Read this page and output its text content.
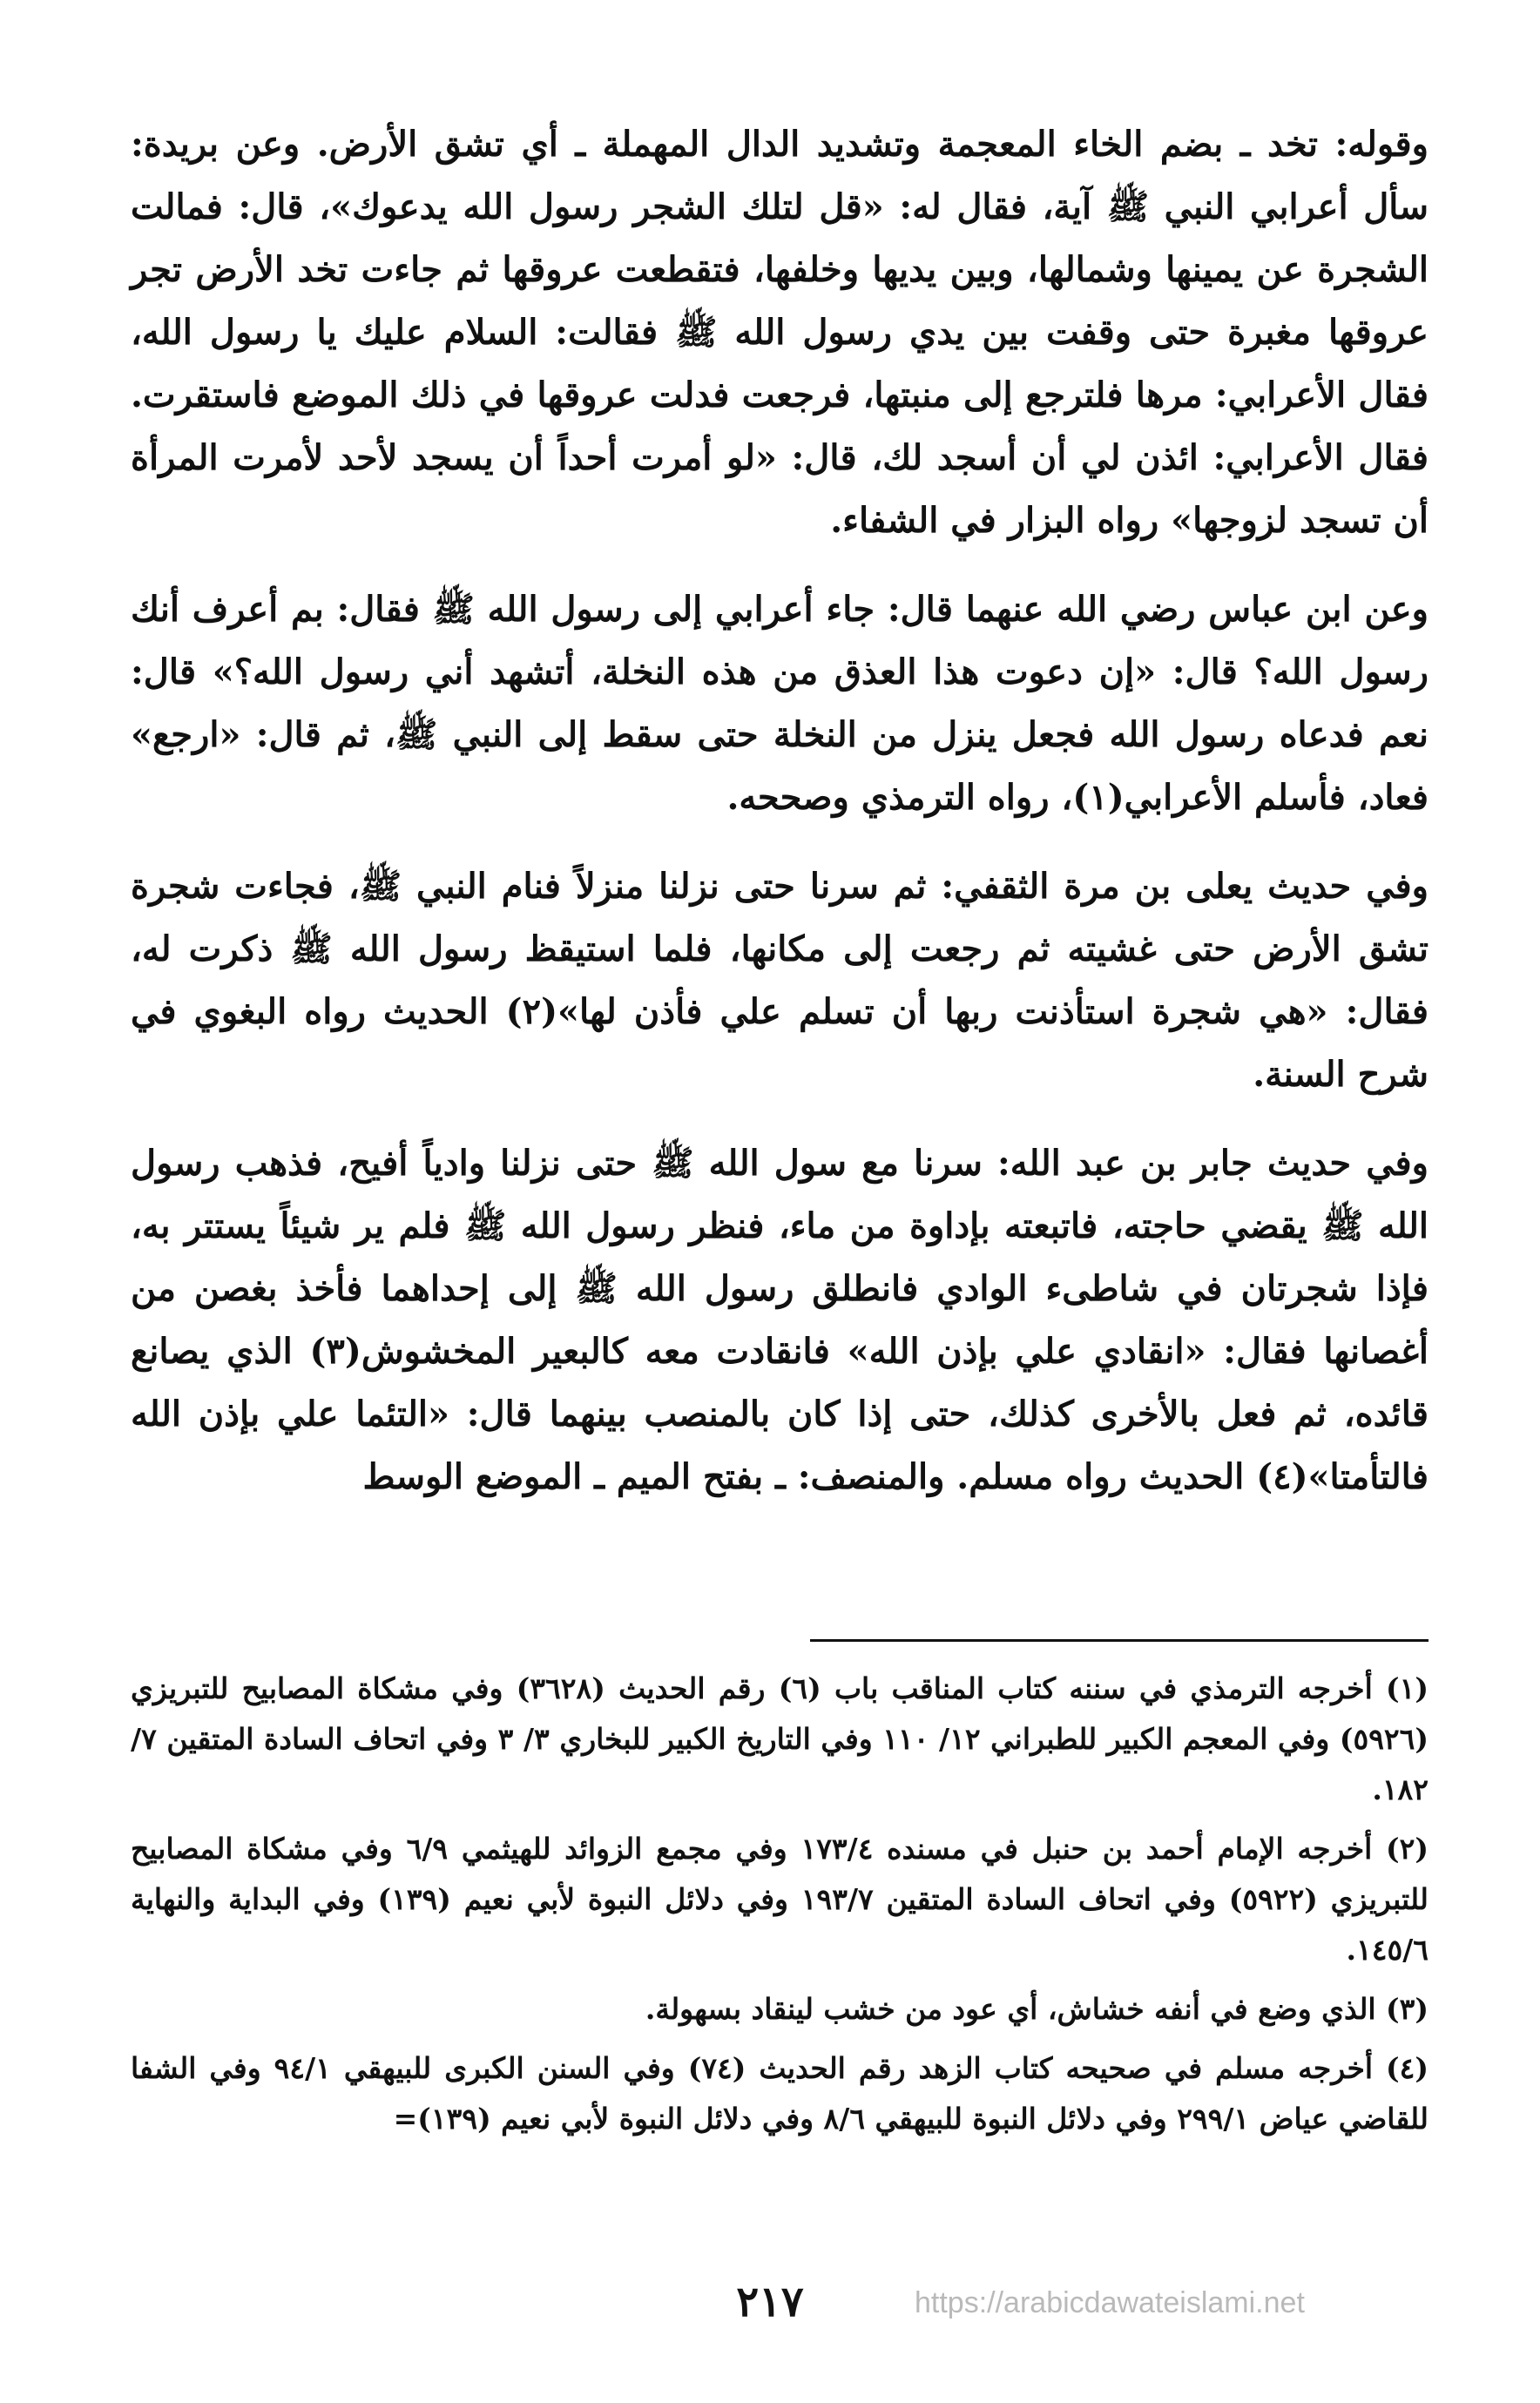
وقوله: تخد ـ بضم الخاء المعجمة وتشديد الدال المهملة ـ أي تشق الأرض. وعن بريدة: سأل أعرابي النبي ﷺ آية، فقال له: «قل لتلك الشجر رسول الله يدعوك»، قال: فمالت الشجرة عن يمينها وشمالها، وبين يديها وخلفها، فتقطعت عروقها ثم جاءت تخد الأرض تجر عروقها مغبرة حتى وقفت بين يدي رسول الله ﷺ فقالت: السلام عليك يا رسول الله، فقال الأعرابي: مرها فلترجع إلى منبتها، فرجعت فدلت عروقها في ذلك الموضع فاستقرت. فقال الأعرابي: ائذن لي أن أسجد لك، قال: «لو أمرت أحداً أن يسجد لأحد لأمرت المرأة أن تسجد لزوجها» رواه البزار في الشفاء.

وعن ابن عباس رضي الله عنهما قال: جاء أعرابي إلى رسول الله ﷺ فقال: بم أعرف أنك رسول الله؟ قال: «إن دعوت هذا العذق من هذه النخلة، أتشهد أني رسول الله؟» قال: نعم فدعاه رسول الله فجعل ينزل من النخلة حتى سقط إلى النبي ﷺ، ثم قال: «ارجع» فعاد، فأسلم الأعرابي(١)، رواه الترمذي وصححه.

وفي حديث يعلى بن مرة الثقفي: ثم سرنا حتى نزلنا منزلاً فنام النبي ﷺ، فجاءت شجرة تشق الأرض حتى غشيته ثم رجعت إلى مكانها، فلما استيقظ رسول الله ﷺ ذكرت له، فقال: «هي شجرة استأذنت ربها أن تسلم علي فأذن لها»(٢) الحديث رواه البغوي في شرح السنة.

وفي حديث جابر بن عبد الله: سرنا مع سول الله ﷺ حتى نزلنا وادياً أفيح، فذهب رسول الله ﷺ يقضي حاجته، فاتبعته بإداوة من ماء، فنظر رسول الله ﷺ فلم ير شيئاً يستتر به، فإذا شجرتان في شاطىء الوادي فانطلق رسول الله ﷺ إلى إحداهما فأخذ بغصن من أغصانها فقال: «انقادي علي بإذن الله» فانقادت معه كالبعير المخشوش(٣) الذي يصانع قائده، ثم فعل بالأخرى كذلك، حتى إذا كان بالمنصب بينهما قال: «التئما علي بإذن الله فالتأمتا»(٤) الحديث رواه مسلم. والمنصف: ـ بفتح الميم ـ الموضع الوسط

(١) أخرجه الترمذي في سننه كتاب المناقب باب (٦) رقم الحديث (٣٦٢٨) وفي مشكاة المصابيح للتبريزي (٥٩٢٦) وفي المعجم الكبير للطبراني ١٢/ ١١٠ وفي التاريخ الكبير للبخاري ٣/ ٣ وفي اتحاف السادة المتقين ٧/ ١٨٢.

(٢) أخرجه الإمام أحمد بن حنبل في مسنده ١٧٣/٤ وفي مجمع الزوائد للهيثمي ٦/٩ وفي مشكاة المصابيح للتبريزي (٥٩٢٢) وفي اتحاف السادة المتقين ١٩٣/٧ وفي دلائل النبوة لأبي نعيم (١٣٩) وفي البداية والنهاية ١٤٥/٦.

(٣) الذي وضع في أنفه خشاش، أي عود من خشب لينقاد بسهولة.

(٤) أخرجه مسلم في صحيحه كتاب الزهد رقم الحديث (٧٤) وفي السنن الكبرى للبيهقي ٩٤/١ وفي الشفا للقاضي عياض ٢٩٩/١ وفي دلائل النبوة للبيهقي ٨/٦ وفي دلائل النبوة لأبي نعيم (١٣٩)=

٢١٧	https://arabicdawateislami.net
